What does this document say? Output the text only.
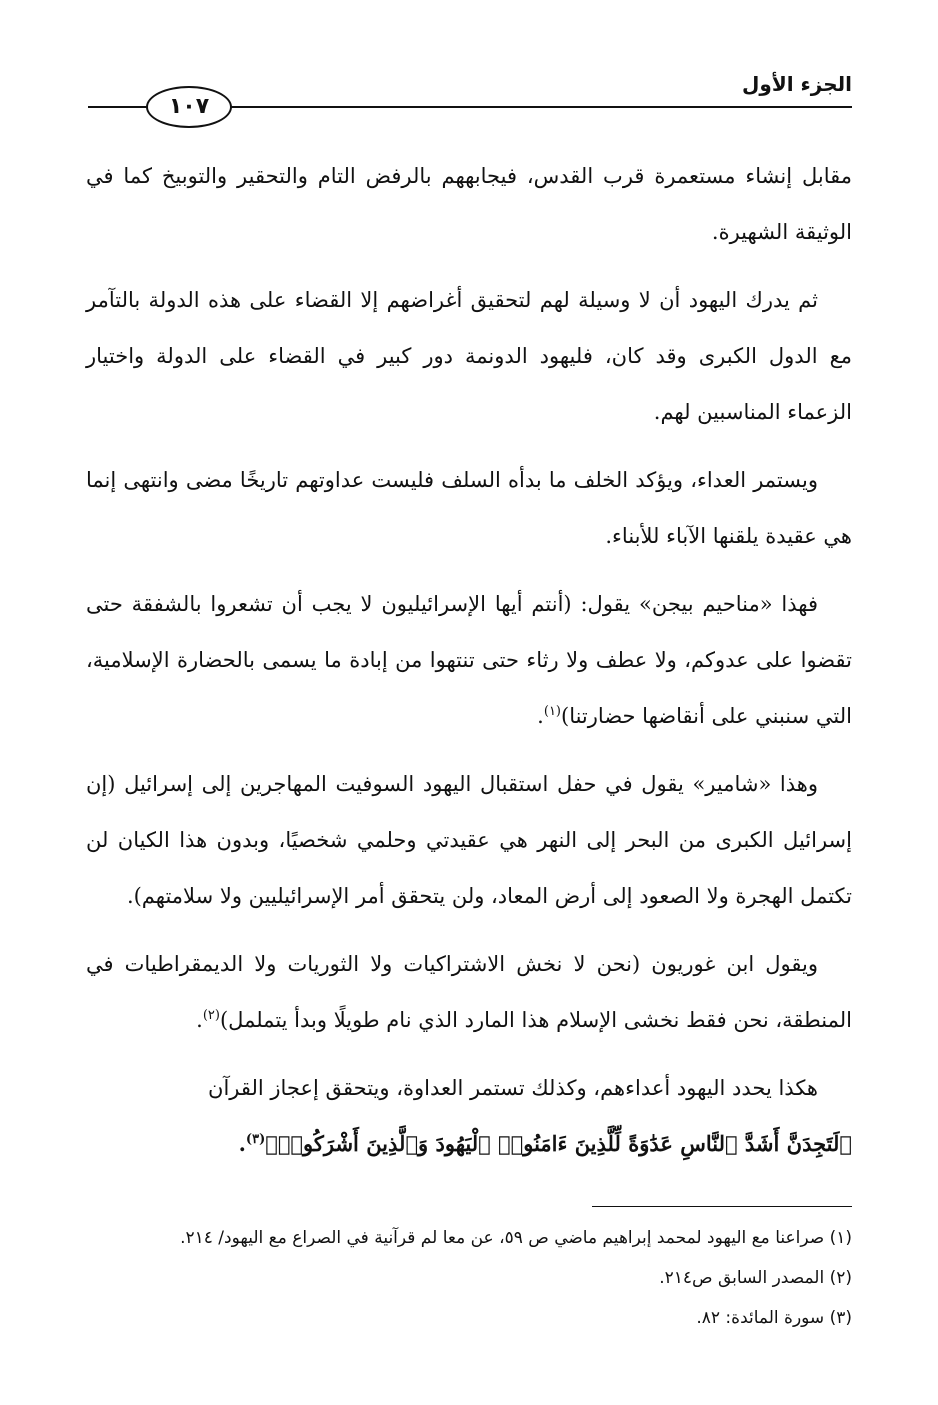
١٠٧
الجزء الأول

مقابل إنشاء مستعمرة قرب القدس، فيجابههم بالرفض التام والتحقير والتوبيخ كما في الوثيقة الشهيرة.

ثم يدرك اليهود أن لا وسيلة لهم لتحقيق أغراضهم إلا القضاء على هذه الدولة بالتآمر مع الدول الكبرى وقد كان، فليهود الدونمة دور كبير في القضاء على الدولة واختيار الزعماء المناسبين لهم.

ويستمر العداء، ويؤكد الخلف ما بدأه السلف فليست عداوتهم تاريخًا مضى وانتهى إنما هي عقيدة يلقنها الآباء للأبناء.

فهذا «مناحيم بيجن» يقول: (أنتم أيها الإسرائيليون لا يجب أن تشعروا بالشفقة حتى تقضوا على عدوكم، ولا عطف ولا رثاء حتى تنتهوا من إبادة ما يسمى بالحضارة الإسلامية، التي سنبني على أنقاضها حضارتنا)$^{(١)}$.

وهذا «شامير» يقول في حفل استقبال اليهود السوفيت المهاجرين إلى إسرائيل (إن إسرائيل الكبرى من البحر إلى النهر هي عقيدتي وحلمي شخصيًا، وبدون هذا الكيان لن تكتمل الهجرة ولا الصعود إلى أرض المعاد، ولن يتحقق أمر الإسرائيليين ولا سلامتهم).

ويقول ابن غوريون (نحن لا نخش الاشتراكيات ولا الثوريات ولا الديمقراطيات في المنطقة، نحن فقط نخشى الإسلام هذا المارد الذي نام طويلًا وبدأ يتململ)$^{(٢)}$.

هكذا يحدد اليهود أعداءهم، وكذلك تستمر العداوة، ويتحقق إعجاز القرآن
﴿لَتَجِدَنَّ أَشَدَّ ٱلنَّاسِ عَدَٰوَةً لِّلَّذِينَ ءَامَنُوا۟ ٱلْيَهُودَ وَٱلَّذِينَ أَشْرَكُوا۟﴾$^{(٣)}$.

(١) صراعنا مع اليهود لمحمد إبراهيم ماضي ص ٥٩، عن معا لم قرآنية في الصراع مع اليهود/ ٢١٤.

(٢) المصدر السابق ص٢١٤.

(٣) سورة المائدة: ٨٢.
